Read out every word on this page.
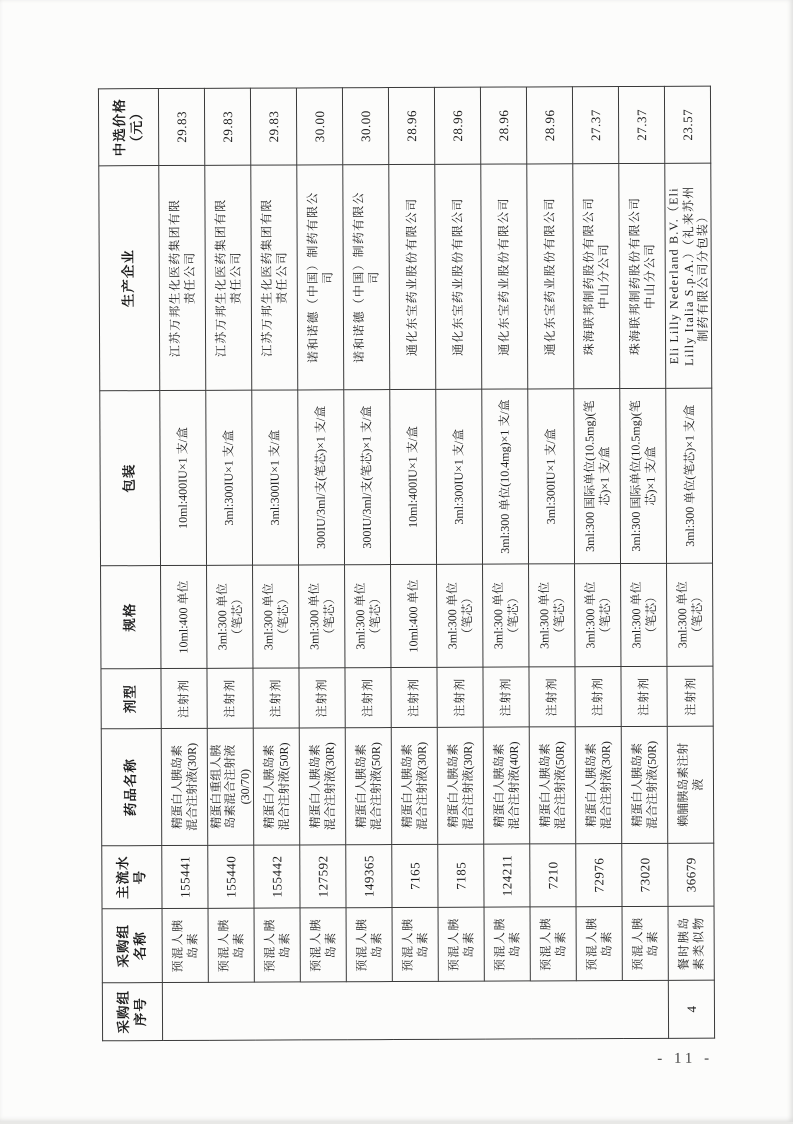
采购组
序号	采购组
名称	主流水号	药品名称	剂型	规格	包装	生产企业	中选价格
（元）
	预混人胰
岛素	155441	精蛋白人胰岛素
混合注射液(30R)	注射剂	10ml:400 单位	10ml:400IU×1 支/盒	江苏万邦生化医药集团有限
责任公司	29.83
	预混人胰
岛素	155440	精蛋白重组人胰
岛素混合注射液
(30/70)	注射剂	3ml:300 单位
（笔芯）	3ml:300IU×1 支/盒	江苏万邦生化医药集团有限
责任公司	29.83
	预混人胰
岛素	155442	精蛋白人胰岛素
混合注射液(50R)	注射剂	3ml:300 单位
（笔芯）	3ml:300IU×1 支/盒	江苏万邦生化医药集团有限
责任公司	29.83
	预混人胰
岛素	127592	精蛋白人胰岛素
混合注射液(30R)	注射剂	3ml:300 单位
（笔芯）	300IU/3ml/支(笔芯)×1 支/盒	诺和诺德（中国）制药有限公
司	30.00
	预混人胰
岛素	149365	精蛋白人胰岛素
混合注射液(50R)	注射剂	3ml:300 单位
（笔芯）	300IU/3ml/支(笔芯)×1 支/盒	诺和诺德（中国）制药有限公
司	30.00
	预混人胰
岛素	7165	精蛋白人胰岛素
混合注射液(30R)	注射剂	10ml:400 单位	10ml:400IU×1 支/盒	通化东宝药业股份有限公司	28.96
	预混人胰
岛素	7185	精蛋白人胰岛素
混合注射液(30R)	注射剂	3ml:300 单位
（笔芯）	3ml:300IU×1 支/盒	通化东宝药业股份有限公司	28.96
	预混人胰
岛素	124211	精蛋白人胰岛素
混合注射液(40R)	注射剂	3ml:300 单位
（笔芯）	3ml:300 单位(10.4mg)×1 支/盒	通化东宝药业股份有限公司	28.96
	预混人胰
岛素	7210	精蛋白人胰岛素
混合注射液(50R)	注射剂	3ml:300 单位
（笔芯）	3ml:300IU×1 支/盒	通化东宝药业股份有限公司	28.96
	预混人胰
岛素	72976	精蛋白人胰岛素
混合注射液(30R)	注射剂	3ml:300 单位
（笔芯）	3ml:300 国际单位(10.5mg)(笔
芯)×1 支/盒	珠海联邦制药股份有限公司
中山分公司	27.37
	预混人胰
岛素	73020	精蛋白人胰岛素
混合注射液(50R)	注射剂	3ml:300 单位
（笔芯）	3ml:300 国际单位(10.5mg)(笔
芯)×1 支/盒	珠海联邦制药股份有限公司
中山分公司	27.37
4	餐时胰岛
素类似物	36679	赖脯胰岛素注射
液	注射剂	3ml:300 单位
（笔芯）	3ml:300 单位(笔芯)×1 支/盒	Eli Lilly Nederland B.V.（Eli
Lilly Italia S.p.A.）（礼来苏州
制药有限公司分包装）	23.57
- 11 -
